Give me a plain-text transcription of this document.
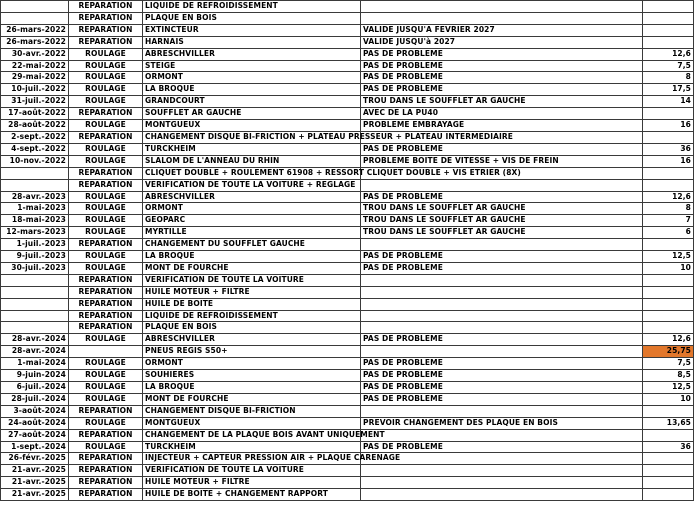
	REPARATION	LIQUIDE DE REFROIDISSEMENT		
	REPARATION	PLAQUE EN BOIS		
26-mars-2022	REPARATION	EXTINCTEUR	VALIDE JUSQU'A FEVRIER 2027	
26-mars-2022	REPARATION	HARNAIS	VALIDE JUSQU'à 2027	
30-avr.-2022	ROULAGE	ABRESCHVILLER	PAS DE PROBLEME	12,6
22-mai-2022	ROULAGE	STEIGE	PAS DE PROBLEME	7,5
29-mai-2022	ROULAGE	ORMONT	PAS DE PROBLEME	8
10-juil.-2022	ROULAGE	LA BROQUE	PAS DE PROBLEME	17,5
31-juil.-2022	ROULAGE	GRANDCOURT	TROU DANS LE SOUFFLET AR GAUCHE	14
17-août-2022	REPARATION	SOUFFLET AR GAUCHE	AVEC DE LA PU40	
28-août-2022	ROULAGE	MONTGUEUX	PROBLEME EMBRAYAGE	16
2-sept.-2022	REPARATION	CHANGEMENT DISQUE BI-FRICTION + PLATEAU PRESSEUR + PLATEAU INTERMEDIAIRE		
4-sept.-2022	ROULAGE	TURCKHEIM	PAS DE PROBLEME	36
10-nov.-2022	ROULAGE	SLALOM DE L'ANNEAU DU RHIN	PROBLEME BOITE DE VITESSE + VIS DE FREIN	16
	REPARATION	CLIQUET DOUBLE + ROULEMENT 61908 + RESSORT CLIQUET DOUBLE + VIS ETRIER (8X)		
	REPARATION	VERIFICATION DE TOUTE LA VOITURE + REGLAGE		
28-avr.-2023	ROULAGE	ABRESCHVILLER	PAS DE PROBLEME	12,6
1-mai-2023	ROULAGE	ORMONT	TROU DANS LE SOUFFLET AR GAUCHE	8
18-mai-2023	ROULAGE	GEOPARC	TROU DANS LE SOUFFLET AR GAUCHE	7
12-mars-2023	ROULAGE	MYRTILLE	TROU DANS LE SOUFFLET AR GAUCHE	6
1-juil.-2023	REPARATION	CHANGEMENT DU SOUFFLET GAUCHE		
9-juil.-2023	ROULAGE	LA BROQUE	PAS DE PROBLEME	12,5
30-juil.-2023	ROULAGE	MONT DE FOURCHE	PAS DE PROBLEME	10
	REPARATION	VERIFICATION DE TOUTE LA VOITURE		
	REPARATION	HUILE MOTEUR + FILTRE		
	REPARATION	HUILE DE BOITE		
	REPARATION	LIQUIDE DE REFROIDISSEMENT		
	REPARATION	PLAQUE EN BOIS		
28-avr.-2024	ROULAGE	ABRESCHVILLER	PAS DE PROBLEME	12,6
28-avr.-2024		PNEUS REGIS S50+		25,75
1-mai-2024	ROULAGE	ORMONT	PAS DE PROBLEME	7,5
9-juin-2024	ROULAGE	SOUHIERES	PAS DE PROBLEME	8,5
6-juil.-2024	ROULAGE	LA BROQUE	PAS DE PROBLEME	12,5
28-juil.-2024	ROULAGE	MONT DE FOURCHE	PAS DE PROBLEME	10
3-août-2024	REPARATION	CHANGEMENT DISQUE BI-FRICTION		
24-août-2024	ROULAGE	MONTGUEUX	PREVOIR CHANGEMENT DES PLAQUE EN BOIS	13,65
27-août-2024	REPARATION	CHANGEMENT DE LA PLAQUE BOIS AVANT UNIQUEMENT		
1-sept.-2024	ROULAGE	TURCKHEIM	PAS DE PROBLEME	36
26-févr.-2025	REPARATION	INJECTEUR + CAPTEUR PRESSION AIR + PLAQUE CARENAGE		
21-avr.-2025	REPARATION	VERIFICATION DE TOUTE LA VOITURE		
21-avr.-2025	REPARATION	HUILE MOTEUR + FILTRE		
21-avr.-2025	REPARATION	HUILE DE BOITE + CHANGEMENT RAPPORT		
